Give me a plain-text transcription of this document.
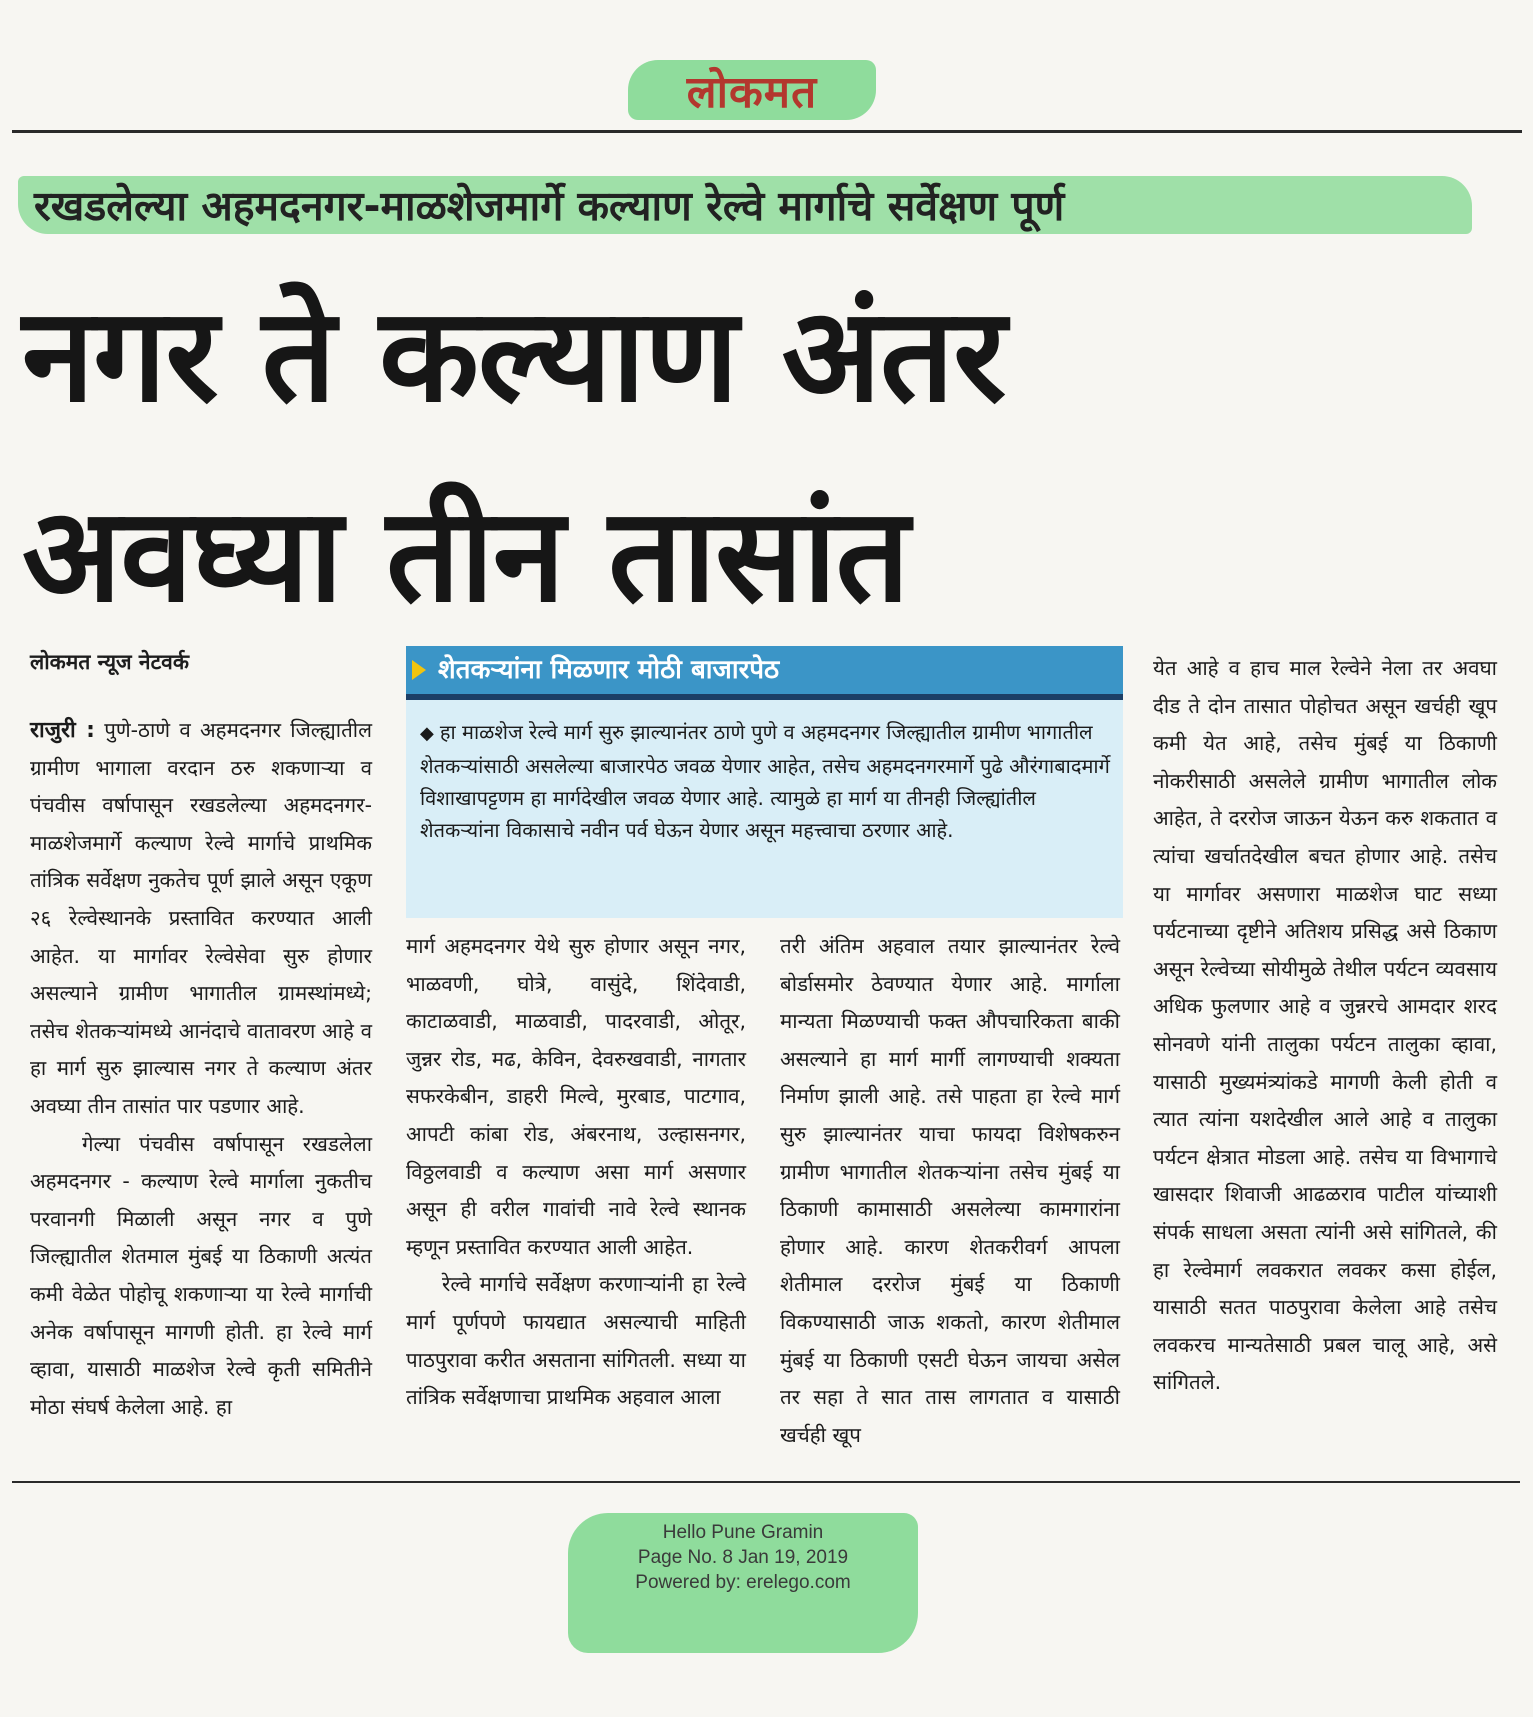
लोकमत
रखडलेल्या अहमदनगर-माळशेजमार्गे कल्याण रेल्वे मार्गाचे सर्वेक्षण पूर्ण
नगर ते कल्याण अंतर
अवघ्या तीन तासांत
लोकमत न्यूज नेटवर्क

राजुरी : पुणे-ठाणे व अहमदनगर जिल्ह्यातील ग्रामीण भागाला वरदान ठरु शकणाऱ्या व पंचवीस वर्षापासून रखडलेल्या अहमदनगर-माळशेजमार्गे कल्याण रेल्वे मार्गाचे प्राथमिक तांत्रिक सर्वेक्षण नुकतेच पूर्ण झाले असून एकूण २६ रेल्वेस्थानके प्रस्तावित करण्यात आली आहेत. या मार्गावर रेल्वेसेवा सुरु होणार असल्याने ग्रामीण भागातील ग्रामस्थांमध्ये; तसेच शेतकऱ्यांमध्ये आनंदाचे वातावरण आहे व हा मार्ग सुरु झाल्यास नगर ते कल्याण अंतर अवघ्या तीन तासांत पार पडणार आहे.

गेल्या पंचवीस वर्षापासून रखडलेला अहमदनगर - कल्याण रेल्वे मार्गाला नुकतीच परवानगी मिळाली असून नगर व पुणे जिल्ह्यातील शेतमाल मुंबई या ठिकाणी अत्यंत कमी वेळेत पोहोचू शकणाऱ्या या रेल्वे मार्गाची अनेक वर्षापासून मागणी होती. हा रेल्वे मार्ग व्हावा, यासाठी माळशेज रेल्वे कृती समितीने मोठा संघर्ष केलेला आहे. हा

शेतकऱ्यांना मिळणार मोठी बाजारपेठ
◆ हा माळशेज रेल्वे मार्ग सुरु झाल्यानंतर ठाणे पुणे व अहमदनगर जिल्ह्यातील ग्रामीण भागातील शेतकऱ्यांसाठी असलेल्या बाजारपेठ जवळ येणार आहेत, तसेच अहमदनगरमार्गे पुढे औरंगाबादमार्गे विशाखापट्टणम हा मार्गदेखील जवळ येणार आहे. त्यामुळे हा मार्ग या तीनही जिल्ह्यांतील शेतकऱ्यांना विकासाचे नवीन पर्व घेऊन येणार असून महत्त्वाचा ठरणार आहे.

मार्ग अहमदनगर येथे सुरु होणार असून नगर, भाळवणी, घोत्रे, वासुंदे, शिंदेवाडी, काटाळवाडी, माळवाडी, पादरवाडी, ओतूर, जुन्नर रोड, मढ, केविन, देवरुखवाडी, नागतार सफरकेबीन, डाहरी मिल्वे, मुरबाड, पाटगाव, आपटी कांबा रोड, अंबरनाथ, उल्हासनगर, विठ्ठलवाडी व कल्याण असा मार्ग असणार असून ही वरील गावांची नावे रेल्वे स्थानक म्हणून प्रस्तावित करण्यात आली आहेत.

रेल्वे मार्गाचे सर्वेक्षण करणाऱ्यांनी हा रेल्वे मार्ग पूर्णपणे फायद्यात असल्याची माहिती पाठपुरावा करीत असताना सांगितली. सध्या या तांत्रिक सर्वेक्षणाचा प्राथमिक अहवाल आला

तरी अंतिम अहवाल तयार झाल्यानंतर रेल्वे बोर्डासमोर ठेवण्यात येणार आहे. मार्गाला मान्यता मिळण्याची फक्त औपचारिकता बाकी असल्याने हा मार्ग मार्गी लागण्याची शक्यता निर्माण झाली आहे. तसे पाहता हा रेल्वे मार्ग सुरु झाल्यानंतर याचा फायदा विशेषकरुन ग्रामीण भागातील शेतकऱ्यांना तसेच मुंबई या ठिकाणी कामासाठी असलेल्या कामगारांना होणार आहे. कारण शेतकरीवर्ग आपला शेतीमाल दररोज मुंबई या ठिकाणी विकण्यासाठी जाऊ शकतो, कारण शेतीमाल मुंबई या ठिकाणी एसटी घेऊन जायचा असेल तर सहा ते सात तास लागतात व यासाठी खर्चही खूप

येत आहे व हाच माल रेल्वेने नेला तर अवघा दीड ते दोन तासात पोहोचत असून खर्चही खूप कमी येत आहे, तसेच मुंबई या ठिकाणी नोकरीसाठी असलेले ग्रामीण भागातील लोक आहेत, ते दररोज जाऊन येऊन करु शकतात व त्यांचा खर्चातदेखील बचत होणार आहे. तसेच या मार्गावर असणारा माळशेज घाट सध्या पर्यटनाच्या दृष्टीने अतिशय प्रसिद्ध असे ठिकाण असून रेल्वेच्या सोयीमुळे तेथील पर्यटन व्यवसाय अधिक फुलणार आहे व जुन्नरचे आमदार शरद सोनवणे यांनी तालुका पर्यटन तालुका व्हावा, यासाठी मुख्यमंत्र्यांकडे मागणी केली होती व त्यात त्यांना यशदेखील आले आहे व तालुका पर्यटन क्षेत्रात मोडला आहे. तसेच या विभागाचे खासदार शिवाजी आढळराव पाटील यांच्याशी संपर्क साधला असता त्यांनी असे सांगितले, की हा रेल्वेमार्ग लवकरात लवकर कसा होईल, यासाठी सतत पाठपुरावा केलेला आहे तसेच लवकरच मान्यतेसाठी प्रबल चालू आहे, असे सांगितले.

Hello Pune Gramin
Page No. 8 Jan 19, 2019
Powered by: erelego.com
